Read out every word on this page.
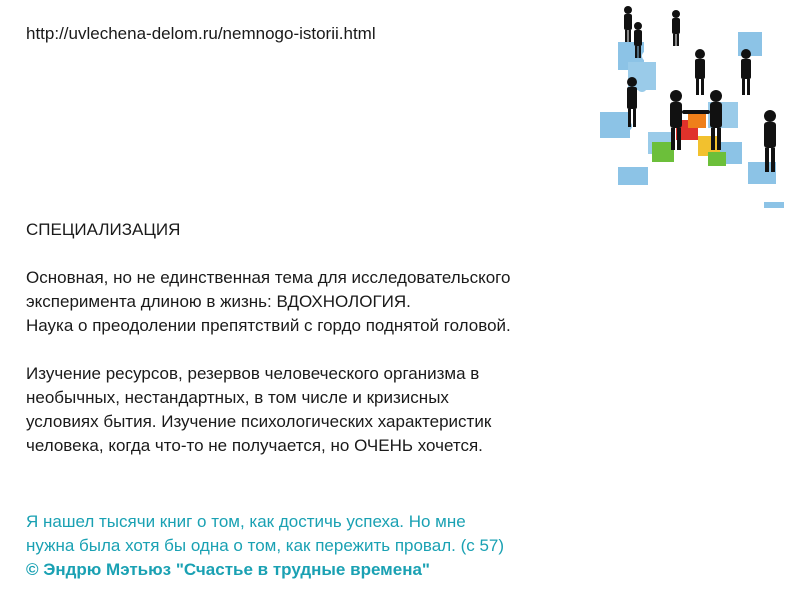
http://uvlechena-delom.ru/nemnogo-istorii.html
СПЕЦИАЛИЗАЦИЯ
Основная, но не единственная тема для исследовательского
эксперимента длиною в жизнь: ВДОХНОЛОГИЯ.
Наука о преодолении препятствий с гордо поднятой головой.
Изучение ресурсов, резервов человеческого организма в
необычных, нестандартных, в том числе и кризисных
условиях бытия. Изучение психологических характеристик
человека, когда что-то не получается, но ОЧЕНЬ хочется.
Я нашел тысячи книг о том, как достичь успеха. Но мне
нужна была хотя бы одна о том, как пережить провал. (с 57)
© Эндрю Мэтьюз "Счастье в трудные времена"
